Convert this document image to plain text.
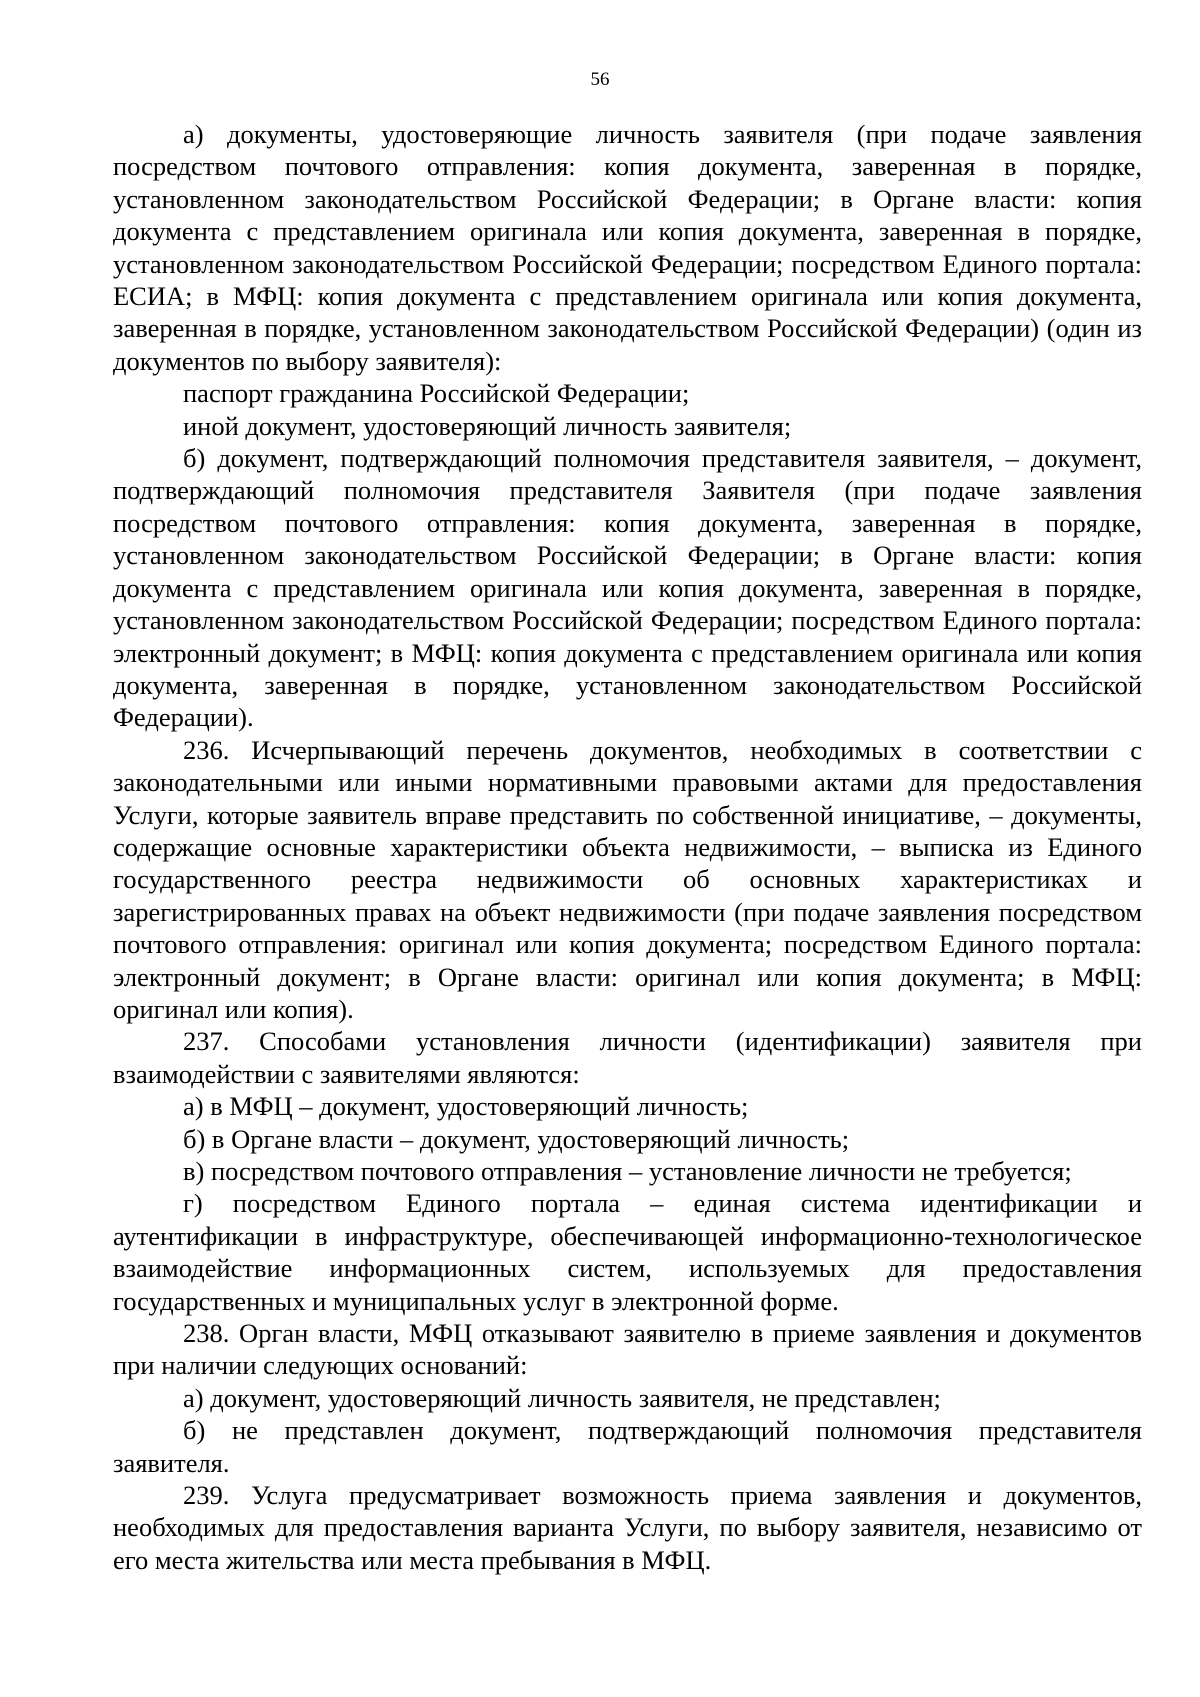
56

а) документы, удостоверяющие личность заявителя (при подаче заявления посредством почтового отправления: копия документа, заверенная в порядке, установленном законодательством Российской Федерации; в Органе власти: копия документа с представлением оригинала или копия документа, заверенная в порядке, установленном законодательством Российской Федерации; посредством Единого портала: ЕСИА; в МФЦ: копия документа с представлением оригинала или копия документа, заверенная в порядке, установленном законодательством Российской Федерации) (один из документов по выбору заявителя):

паспорт гражданина Российской Федерации;

иной документ, удостоверяющий личность заявителя;

б) документ, подтверждающий полномочия представителя заявителя, – документ, подтверждающий полномочия представителя Заявителя (при подаче заявления посредством почтового отправления: копия документа, заверенная в порядке, установленном законодательством Российской Федерации; в Органе власти: копия документа с представлением оригинала или копия документа, заверенная в порядке, установленном законодательством Российской Федерации; посредством Единого портала: электронный документ; в МФЦ: копия документа с представлением оригинала или копия документа, заверенная в порядке, установленном законодательством Российской Федерации).

236. Исчерпывающий перечень документов, необходимых в соответствии с законодательными или иными нормативными правовыми актами для предоставления Услуги, которые заявитель вправе представить по собственной инициативе, – документы, содержащие основные характеристики объекта недвижимости, – выписка из Единого государственного реестра недвижимости об основных характеристиках и зарегистрированных правах на объект недвижимости (при подаче заявления посредством почтового отправления: оригинал или копия документа; посредством Единого портала: электронный документ; в Органе власти: оригинал или копия документа; в МФЦ: оригинал или копия).

237. Способами установления личности (идентификации) заявителя при взаимодействии с заявителями являются:

а) в МФЦ – документ, удостоверяющий личность;

б) в Органе власти – документ, удостоверяющий личность;

в) посредством почтового отправления – установление личности не требуется;

г) посредством Единого портала – единая система идентификации и аутентификации в инфраструктуре, обеспечивающей информационно-технологическое взаимодействие информационных систем, используемых для предоставления государственных и муниципальных услуг в электронной форме.

238. Орган власти, МФЦ отказывают заявителю в приеме заявления и документов при наличии следующих оснований:

а) документ, удостоверяющий личность заявителя, не представлен;

б) не представлен документ, подтверждающий полномочия представителя заявителя.

239. Услуга предусматривает возможность приема заявления и документов, необходимых для предоставления варианта Услуги, по выбору заявителя, независимо от его места жительства или места пребывания в МФЦ.
